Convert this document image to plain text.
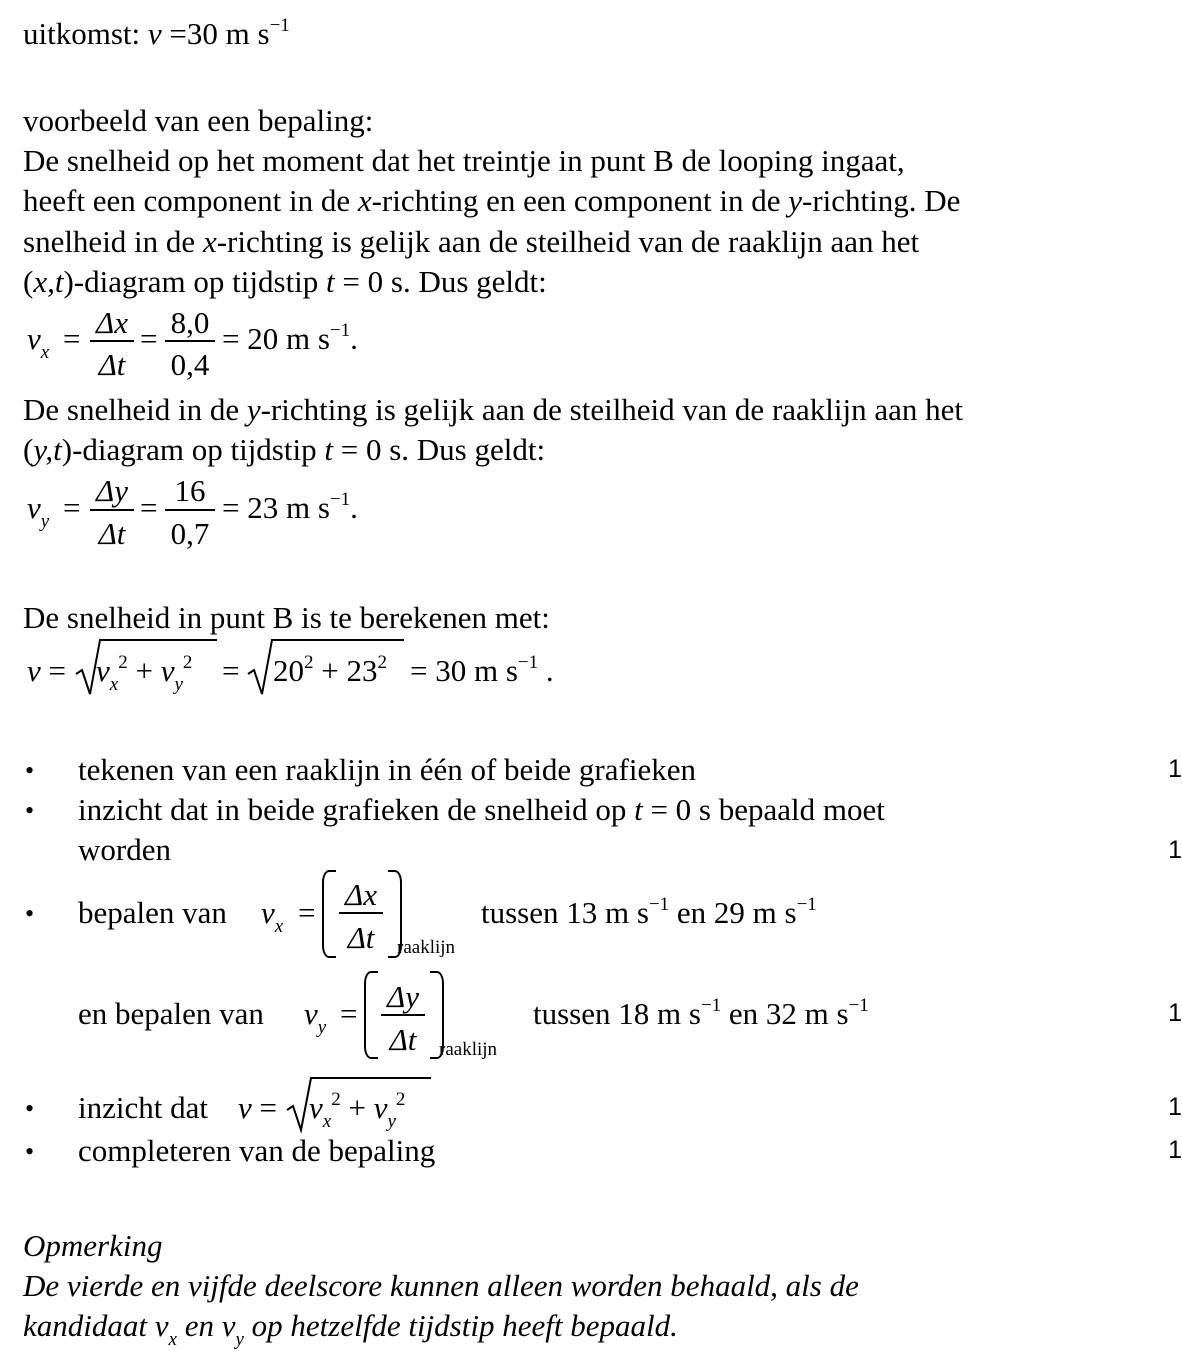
uitkomst: v =30 m $s^{-1}$
voorbeeld van een bepaling:
De snelheid op het moment dat het treintje in punt B de looping ingaat,
heeft een component in de x-richting en een component in de y-richting. De
snelheid in de x-richting is gelijk aan de steilheid van de raaklijn aan het
(x,t)-diagram op tijdstip t = 0 s. Dus geldt:
$v_x = \Delta x$
Δt
= 8,0
0,4
= 20 m $s^{-1}$.
De snelheid in de y-richting is gelijk aan de steilheid van de raaklijn aan het
(y,t)-diagram op tijdstip t = 0 s. Dus geldt:
$v_y = \Delta y$
Δt
= 16
0,7
= 23 m $s^{-1}$.
De snelheid in punt B is te berekenen met:
$v = v_x^2 + v_y^2 = 20^2 + 23^2 = 30$ m $s^{-1}$ .
• tekenen van een raaklijn in één of beide grafieken	1
• inzicht dat in beide grafieken de snelheid op t = 0 s bepaald moet
worden	1
• bepalen van $v_x$ =
Δx
Δt	raaklijn
tussen 13 m $s^{-1}$ en 29 m $s^{-1}$
en bepalen van $v_y = \Delta y$
Δt	raaklijn
tussen 18 m $s^{-1}$ en 32 m $s^{-1}$	1
• inzicht dat $v = v_x^2 + v_y^2$	1
• completeren van de bepaling	1
Opmerking
De vierde en vijfde deelscore kunnen alleen worden behaald, als de
kandidaat $v_x$ en $v_y$ op hetzelfde tijdstip heeft bepaald.
